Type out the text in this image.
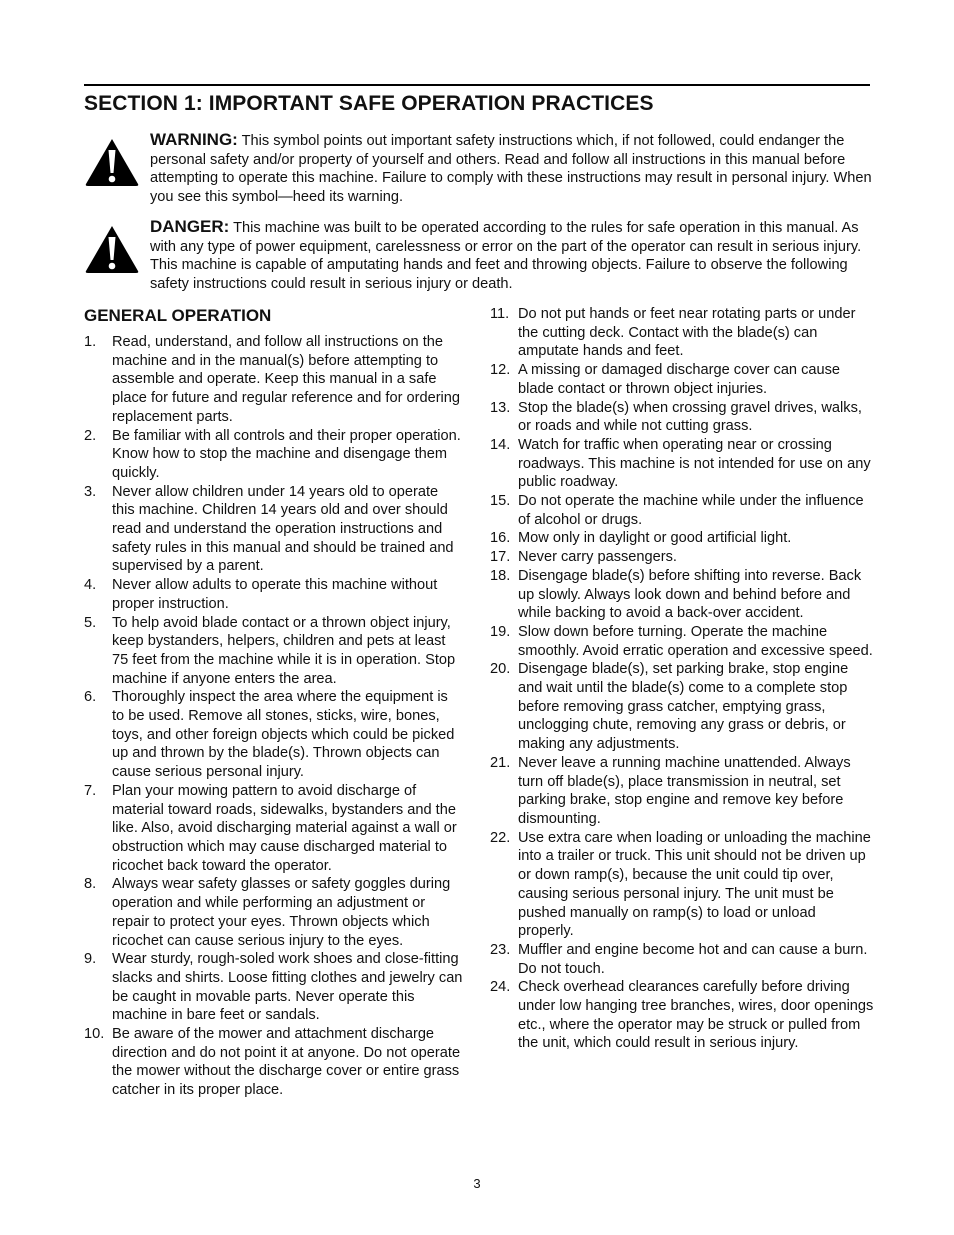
SECTION 1: IMPORTANT SAFE OPERATION PRACTICES

WARNING: This symbol points out important safety instructions which, if not followed, could endanger the personal safety and/or property of yourself and others. Read and follow all instructions in this manual before attempting to operate this machine. Failure to comply with these instructions may result in personal injury. When you see this symbol—heed its warning.

DANGER: This machine was built to be operated according to the rules for safe operation in this manual. As with any type of power equipment, carelessness or error on the part of the operator can result in serious injury. This machine is capable of amputating hands and feet and throwing objects. Failure to observe the following safety instructions could result in serious injury or death.

GENERAL OPERATION
1. Read, understand, and follow all instructions on the machine and in the manual(s) before attempting to assemble and operate. Keep this manual in a safe place for future and regular reference and for ordering replacement parts.
2. Be familiar with all controls and their proper operation. Know how to stop the machine and disengage them quickly.
3. Never allow children under 14 years old to operate this machine. Children 14 years old and over should read and understand the operation instructions and safety rules in this manual and should be trained and supervised by a parent.
4. Never allow adults to operate this machine without proper instruction.
5. To help avoid blade contact or a thrown object injury, keep bystanders, helpers, children and pets at least 75 feet from the machine while it is in operation. Stop machine if anyone enters the area.
6. Thoroughly inspect the area where the equipment is to be used. Remove all stones, sticks, wire, bones, toys, and other foreign objects which could be picked up and thrown by the blade(s). Thrown objects can cause serious personal injury.
7. Plan your mowing pattern to avoid discharge of material toward roads, sidewalks, bystanders and the like. Also, avoid discharging material against a wall or obstruction which may cause discharged material to ricochet back toward the operator.
8. Always wear safety glasses or safety goggles during operation and while performing an adjustment or repair to protect your eyes. Thrown objects which ricochet can cause serious injury to the eyes.
9. Wear sturdy, rough-soled work shoes and close-fitting slacks and shirts. Loose fitting clothes and jewelry can be caught in movable parts. Never operate this machine in bare feet or sandals.
10. Be aware of the mower and attachment discharge direction and do not point it at anyone. Do not operate the mower without the discharge cover or entire grass catcher in its proper place.
11. Do not put hands or feet near rotating parts or under the cutting deck. Contact with the blade(s) can amputate hands and feet.
12. A missing or damaged discharge cover can cause blade contact or thrown object injuries.
13. Stop the blade(s) when crossing gravel drives, walks, or roads and while not cutting grass.
14. Watch for traffic when operating near or crossing roadways. This machine is not intended for use on any public roadway.
15. Do not operate the machine while under the influence of alcohol or drugs.
16. Mow only in daylight or good artificial light.
17. Never carry passengers.
18. Disengage blade(s) before shifting into reverse. Back up slowly. Always look down and behind before and while backing to avoid a back-over accident.
19. Slow down before turning. Operate the machine smoothly. Avoid erratic operation and excessive speed.
20. Disengage blade(s), set parking brake, stop engine and wait until the blade(s) come to a complete stop before removing grass catcher, emptying grass, unclogging chute, removing any grass or debris, or making any adjustments.
21. Never leave a running machine unattended. Always turn off blade(s), place transmission in neutral, set parking brake, stop engine and remove key before dismounting.
22. Use extra care when loading or unloading the machine into a trailer or truck. This unit should not be driven up or down ramp(s), because the unit could tip over, causing serious personal injury. The unit must be pushed manually on ramp(s) to load or unload properly.
23. Muffler and engine become hot and can cause a burn. Do not touch.
24. Check overhead clearances carefully before driving under low hanging tree branches, wires, door openings etc., where the operator may be struck or pulled from the unit, which could result in serious injury.
3
